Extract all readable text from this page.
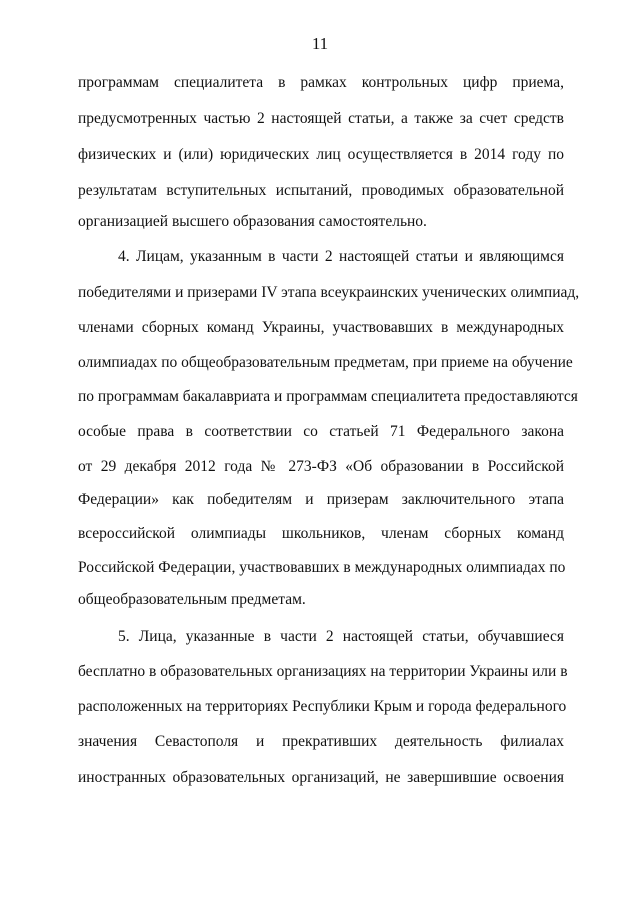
11
программам специалитета в рамках контрольных цифр приема,
предусмотренных частью 2 настоящей статьи, а также за счет средств
физических и (или) юридических лиц осуществляется в 2014 году по
результатам вступительных испытаний, проводимых образовательной
организацией высшего образования самостоятельно.
4. Лицам, указанным в части 2 настоящей статьи и являющимся
победителями и призерами IV этапа всеукраинских ученических олимпиад,
членами сборных команд Украины, участвовавших в международных
олимпиадах по общеобразовательным предметам, при приеме на обучение
по программам бакалавриата и программам специалитета предоставляются
особые права в соответствии со статьей 71 Федерального закона
от 29 декабря 2012 года № 273-ФЗ «Об образовании в Российской
Федерации» как победителям и призерам заключительного этапа
всероссийской олимпиады школьников, членам сборных команд
Российской Федерации, участвовавших в международных олимпиадах по
общеобразовательным предметам.
5. Лица, указанные в части 2 настоящей статьи, обучавшиеся
бесплатно в образовательных организациях на территории Украины или в
расположенных на территориях Республики Крым и города федерального
значения Севастополя и прекративших деятельность филиалах
иностранных образовательных организаций, не завершившие освоения
